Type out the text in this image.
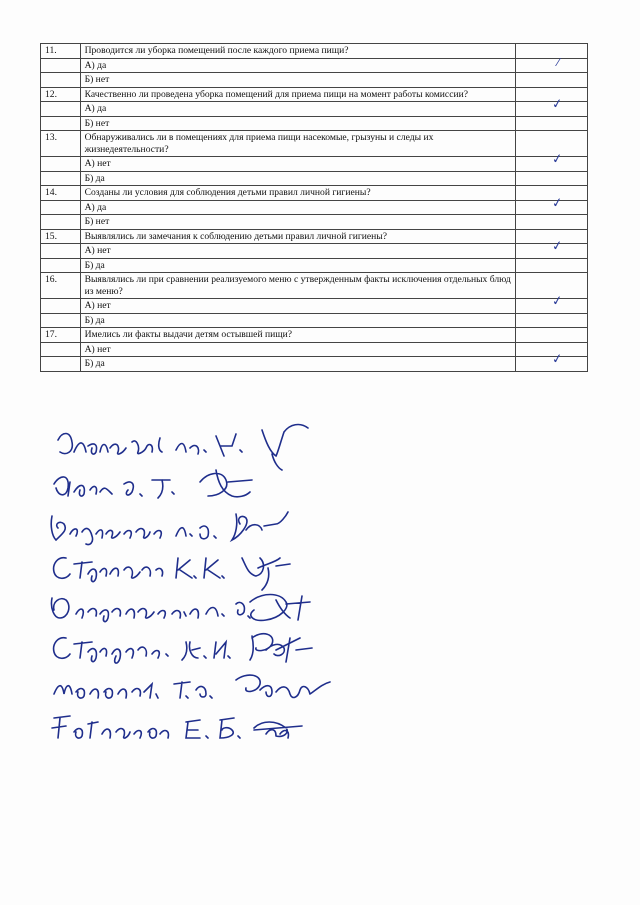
11.	Проводится ли уборка помещений после каждого приема пищи?	
	А) да	⁄

	Б) нет	
12.	Качественно ли проведена уборка помещений для приема пищи на момент работы комиссии?	
	А) да	✓

	Б) нет	
13.	Обнаруживались ли в помещениях для приема пищи насекомые, грызуны и следы их жизнедеятельности?	
	А) нет	✓

	Б) да	
14.	Созданы ли условия для соблюдения детьми правил личной гигиены?	
	А) да	✓

	Б) нет	
15.	Выявлялись ли замечания к соблюдению детьми правил личной гигиены?	
	А) нет	✓

	Б) да	
16.	Выявлялись ли при сравнении реализуемого меню с утвержденным факты исключения отдельных блюд из меню?	
	А) нет	✓

	Б) да	
17.	Имелись ли факты выдачи детям остывшей пищи?	
	А) нет	
	Б) да	✓
